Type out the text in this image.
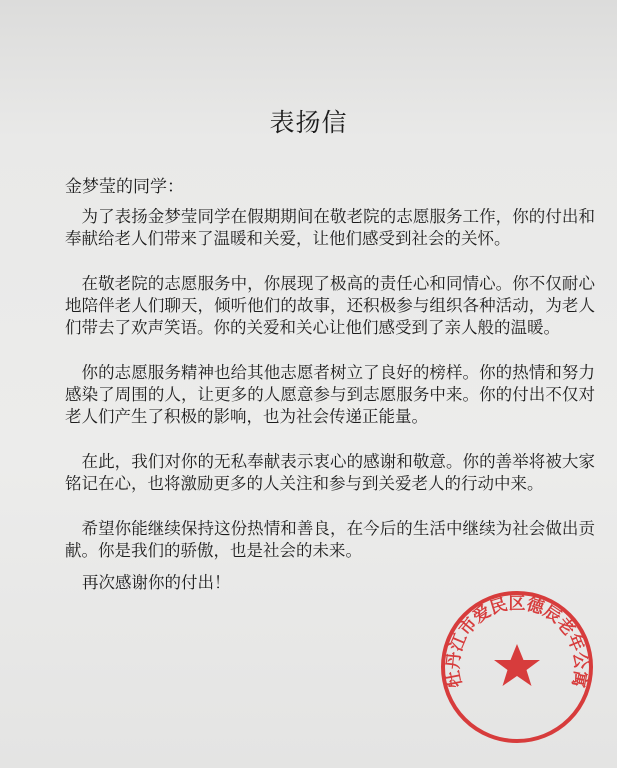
表扬信
金梦莹的同学：
为了表扬金梦莹同学在假期期间在敬老院的志愿服务工作，你的付出和奉献给老人们带来了温暖和关爱，让他们感受到社会的关怀。
在敬老院的志愿服务中，你展现了极高的责任心和同情心。你不仅耐心地陪伴老人们聊天，倾听他们的故事，还积极参与组织各种活动，为老人们带去了欢声笑语。你的关爱和关心让他们感受到了亲人般的温暖。
你的志愿服务精神也给其他志愿者树立了良好的榜样。你的热情和努力感染了周围的人，让更多的人愿意参与到志愿服务中来。你的付出不仅对老人们产生了积极的影响，也为社会传递正能量。
在此，我们对你的无私奉献表示衷心的感谢和敬意。你的善举将被大家铭记在心，也将激励更多的人关注和参与到关爱老人的行动中来。
希望你能继续保持这份热情和善良，在今后的生活中继续为社会做出贡献。你是我们的骄傲，也是社会的未来。
再次感谢你的付出！
牡丹江市爱民区德辰老年公寓
